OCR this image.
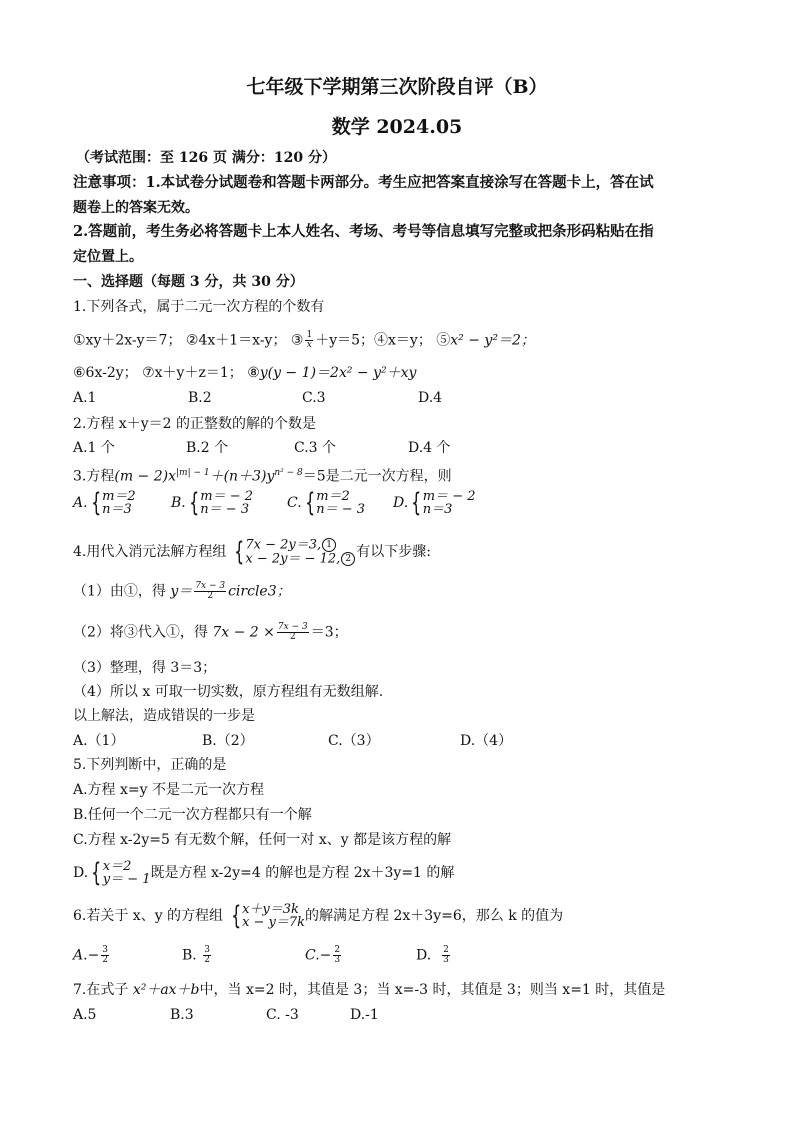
七年级下学期第三次阶段自评（B）
数学 2024.05
（考试范围：至 126 页 满分：120 分）
注意事项：1.本试卷分试题卷和答题卡两部分。考生应把答案直接涂写在答题卡上，答在试
题卷上的答案无效。
2.答题前，考生务必将答题卡上本人姓名、考场、考号等信息填写完整或把条形码粘贴在指
定位置上。
一、选择题（每题 3 分，共 30 分）
1.下列各式，属于二元一次方程的个数有
①xy＋2x-y＝7； ②4x＋1＝x-y； ③ $\frac{1}{x} +y=5$；④x＝y； ⑤x² − y²＝2；
⑥6x-2y； ⑦x＋y＋z＝1； ⑧y(y − 1)＝2x² − y²＋xy
A.1	B.2	C.3	D.4
2.方程 x＋y＝2 的正整数的解的个数是
A.1 个	B.2 个	C.3 个	D.4 个
3.方程$(m - 2)x^{|m| - 1}+(n+3)y^{n^2 - 8}=5$是二元一次方程，则
A. { m＝2
n＝3	B. { m＝ − 2
n＝ − 3	C. { m＝2
n＝ − 3 D. { m＝ − 2
n＝3
4.用代入消元法解方程组 { 7x − 2y＝3, 1
x − 2y＝ − 12, 2 有以下步骤:
（1）由①，得 $y= \frac{7x - 3}{2}$ circle3；
（2）将③代入①，得 $7x - 2 \times \frac{7x - 3}{2} =3$；
（3）整理，得 3＝3；
（4）所以 x 可取一切实数，原方程组有无数组解.
以上解法，造成错误的一步是
A.（1）	B.（2）	C.（3）	D.（4）
5.下列判断中，正确的是
A.方程 x=y 不是二元一次方程
B.任何一个二元一次方程都只有一个解
C.方程 x-2y=5 有无数个解，任何一对 x、y 都是该方程的解
D. { x＝2
y＝ − 1 既是方程 x-2y=4 的解也是方程 2x＋3y=1 的解
6.若关于 x、y 的方程组 { x＋y＝3k
x − y＝7k 的解满足方程 2x＋3y=6，那么 k 的值为
$A.- \frac{3}{2}$	B. $\frac{3}{2}$	$C.- \frac{2}{3}$	D. $\frac{2}{3}$
7.在式子 x²＋ax＋b中，当 x=2 时，其值是 3；当 x=-3 时，其值是 3；则当 x=1 时，其值是
A.5	B.3	C. -3	D.-1
